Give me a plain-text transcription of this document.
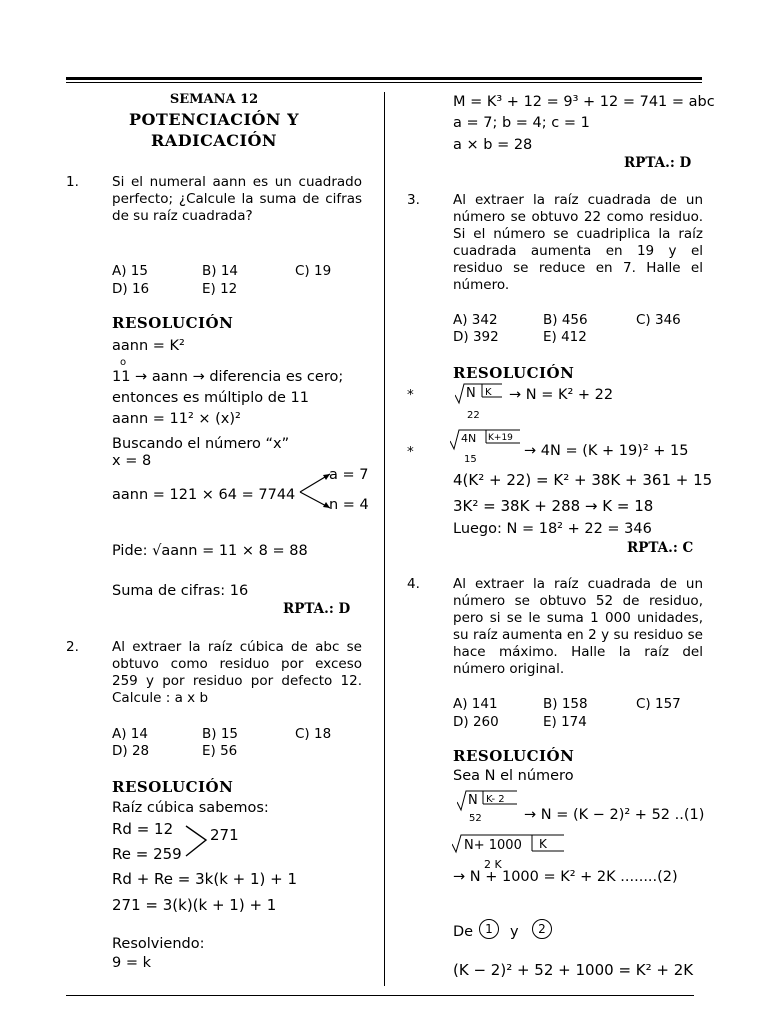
SEMANA 12
POTENCIACIÓN Y
RADICACIÓN
1. Si el numeral aann es un cuadrado perfecto; ¿Calcule la suma de cifras de su raíz cuadrada?
A) 15	B) 14	C) 19
D) 16	E) 12
RESOLUCIÓN
aann = K²
o
11 → aann → diferencia es cero;
entonces es múltiplo de 11
aann = 11² × (x)²
Buscando el número “x”
x = 8
aann = 121 × 64 = 7744
a = 7
n = 4
Pide: √aann = 11 × 8 = 88
Suma de cifras: 16
RPTA.: D
2. Al extraer la raíz cúbica de abc se obtuvo como residuo por exceso 259 y por residuo por defecto 12. Calcule : a x b
A) 14	B) 15	C) 18
D) 28	E) 56
RESOLUCIÓN
Raíz cúbica sabemos:
Rd = 12
Re = 259
271
Rd + Re = 3k(k + 1) + 1
271 = 3(k)(k + 1) + 1
Resolviendo:
9 = k
M = K³ + 12 = 9³ + 12 = 741 = abc
a = 7; b = 4; c = 1
a × b = 28
RPTA.: D
3. Al extraer la raíz cuadrada de un número se obtuvo 22 como residuo. Si el número se cuadriplica la raíz cuadrada aumenta en 19 y el residuo se reduce en 7. Halle el número.
A) 342	B) 456	C) 346
D) 392	E) 412
RESOLUCIÓN
*	N K
22
→ N = K² + 22
*
4N K+19
15
→ 4N = (K + 19)² + 15
4(K² + 22) = K² + 38K + 361 + 15
3K² = 38K + 288 → K = 18
Luego: N = 18² + 22 = 346
RPTA.: C
4. Al extraer la raíz cuadrada de un número se obtuvo 52 de residuo, pero si se le suma 1 000 unidades, su raíz aumenta en 2 y su residuo se hace máximo. Halle la raíz del número original.
A) 141	B) 158	C) 157
D) 260	E) 174
RESOLUCIÓN
Sea N el número
N K- 2
52	→ N = (K − 2)² + 52 ..(1)
N+ 1000 K
2 K
→ N + 1000 = K² + 2K ........(2)
De	1	y	2
(K − 2)² + 52 + 1000 = K² + 2K
